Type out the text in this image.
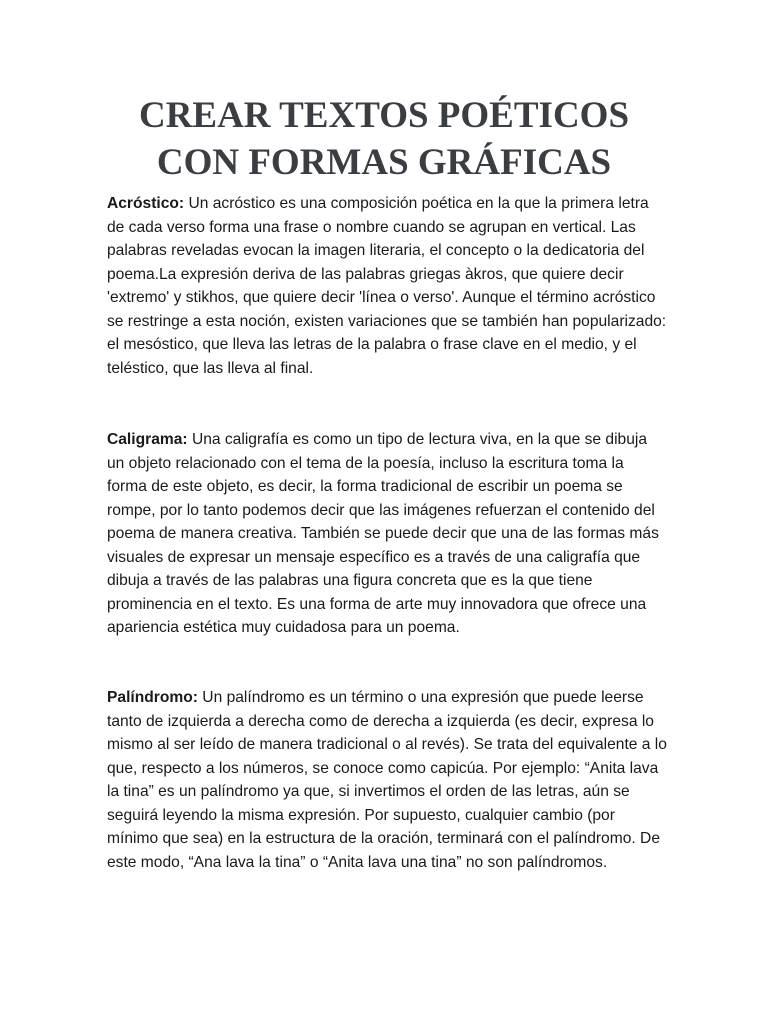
CREAR TEXTOS POÉTICOS
CON FORMAS GRÁFICAS

Acróstico: Un acróstico es una composición poética en la que la primera letra de cada verso forma una frase o nombre cuando se agrupan en vertical. Las palabras reveladas evocan la imagen literaria, el concepto o la dedicatoria del poema.La expresión deriva de las palabras griegas àkros, que quiere decir 'extremo' y stikhos, que quiere decir 'línea o verso'. Aunque el término acróstico se restringe a esta noción, existen variaciones que se también han popularizado: el mesóstico, que lleva las letras de la palabra o frase clave en el medio, y el teléstico, que las lleva al final.

Caligrama: Una caligrafía es como un tipo de lectura viva, en la que se dibuja un objeto relacionado con el tema de la poesía, incluso la escritura toma la forma de este objeto, es decir, la forma tradicional de escribir un poema se rompe, por lo tanto podemos decir que las imágenes refuerzan el contenido del poema de manera creativa. También se puede decir que una de las formas más visuales de expresar un mensaje específico es a través de una caligrafía que dibuja a través de las palabras una figura concreta que es la que tiene prominencia en el texto. Es una forma de arte muy innovadora que ofrece una apariencia estética muy cuidadosa para un poema.

Palíndromo: Un palíndromo es un término o una expresión que puede leerse tanto de izquierda a derecha como de derecha a izquierda (es decir, expresa lo mismo al ser leído de manera tradicional o al revés). Se trata del equivalente a lo que, respecto a los números, se conoce como capicúa. Por ejemplo: “Anita lava la tina” es un palíndromo ya que, si invertimos el orden de las letras, aún se seguirá leyendo la misma expresión. Por supuesto, cualquier cambio (por mínimo que sea) en la estructura de la oración, terminará con el palíndromo. De este modo, “Ana lava la tina” o “Anita lava una tina” no son palíndromos.
